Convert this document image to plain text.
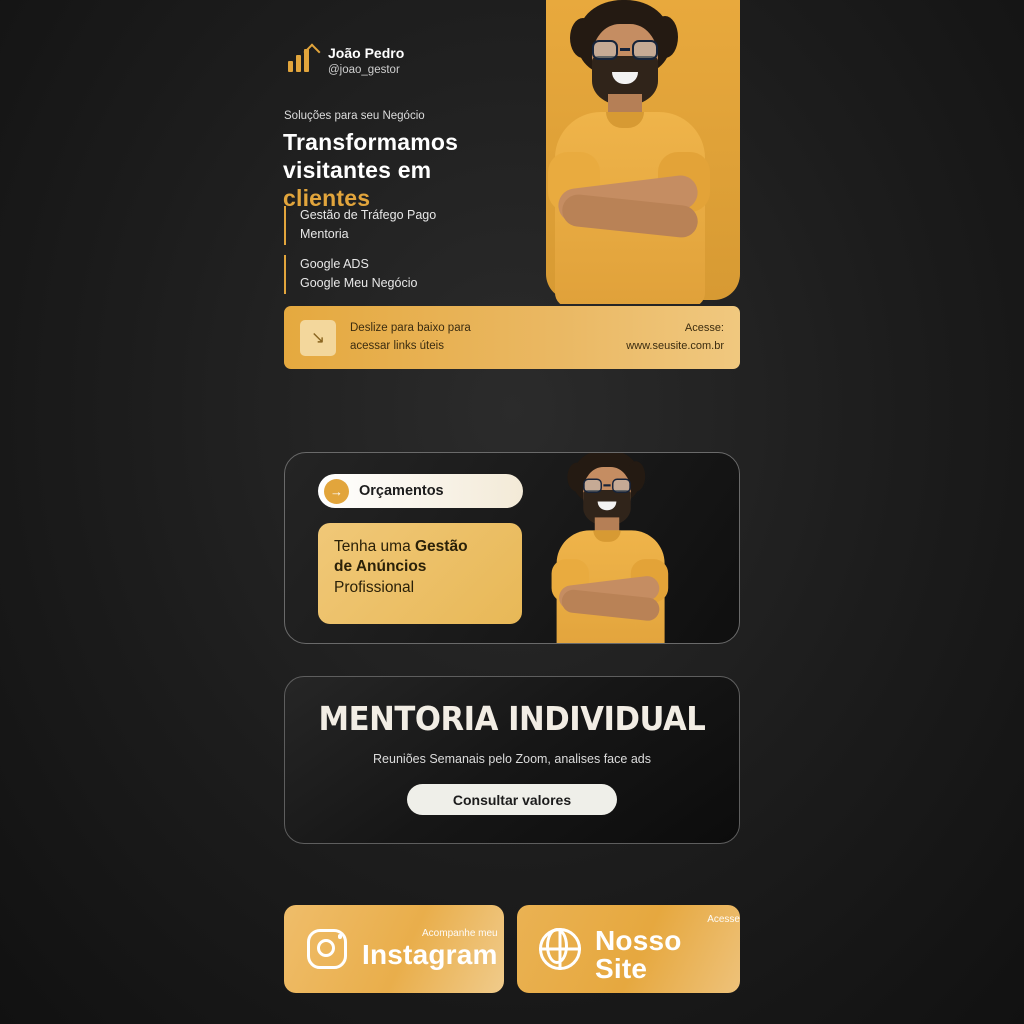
João Pedro
@joao_gestor
Soluções para seu Negócio
Transformamos
visitantes em
clientes
Gestão de Tráfego Pago
Mentoria
Google ADS
Google Meu Negócio
↘	Deslize para baixo para
acessar links úteis
Acesse:
www.seusite.com.br
→	Orçamentos
Tenha uma Gestão
de Anúncios
Profissional
MENTORIA INDIVIDUAL
Reuniões Semanais pelo Zoom, analises face ads
Consultar valores
Acompanhe meu
Instagram
Acesse
Nosso Site
